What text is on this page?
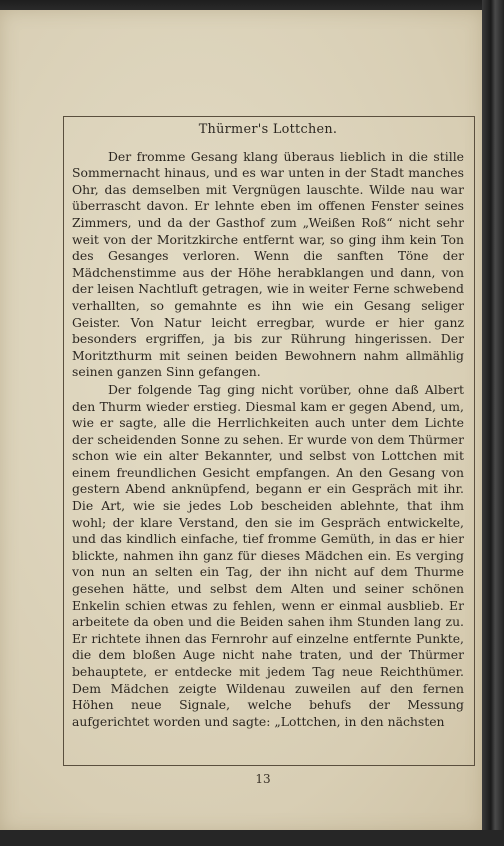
Thürmer's Lottchen.

Der fromme Gesang klang überaus lieblich in die stille Sommernacht hinaus, und es war unten in der Stadt manches Ohr, das demselben mit Vergnügen lauschte. Wilde nau war überrascht davon. Er lehnte eben im offenen Fenster seines Zimmers, und da der Gasthof zum „Weißen Roß“ nicht sehr weit von der Moritzkirche entfernt war, so ging ihm kein Ton des Gesanges verloren. Wenn die sanften Töne der Mädchenstimme aus der Höhe herabklangen und dann, von der leisen Nachtluft getragen, wie in weiter Ferne schwebend verhallten, so gemahnte es ihn wie ein Gesang seliger Geister. Von Natur leicht erregbar, wurde er hier ganz besonders ergriffen, ja bis zur Rührung hingerissen. Der Moritzthurm mit seinen beiden Bewohnern nahm allmählig seinen ganzen Sinn gefangen.

Der folgende Tag ging nicht vorüber, ohne daß Albert den Thurm wieder erstieg. Diesmal kam er gegen Abend, um, wie er sagte, alle die Herrlichkeiten auch unter dem Lichte der scheidenden Sonne zu sehen. Er wurde von dem Thürmer schon wie ein alter Bekannter, und selbst von Lottchen mit einem freundlichen Gesicht empfangen. An den Gesang von gestern Abend anknüpfend, begann er ein Gespräch mit ihr. Die Art, wie sie jedes Lob bescheiden ablehnte, that ihm wohl; der klare Verstand, den sie im Gespräch entwickelte, und das kindlich einfache, tief fromme Gemüth, in das er hier blickte, nahmen ihn ganz für dieses Mädchen ein. Es verging von nun an selten ein Tag, der ihn nicht auf dem Thurme gesehen hätte, und selbst dem Alten und seiner schönen Enkelin schien etwas zu fehlen, wenn er einmal ausblieb. Er arbeitete da oben und die Beiden sahen ihm Stunden lang zu. Er richtete ihnen das Fernrohr auf einzelne entfernte Punkte, die dem bloßen Auge nicht nahe traten, und der Thürmer behauptete, er entdecke mit jedem Tag neue Reichthümer. Dem Mädchen zeigte Wildenau zuweilen auf den fernen Höhen neue Signale, welche behufs der Messung aufgerichtet worden und sagte: „Lottchen, in den nächsten

13
